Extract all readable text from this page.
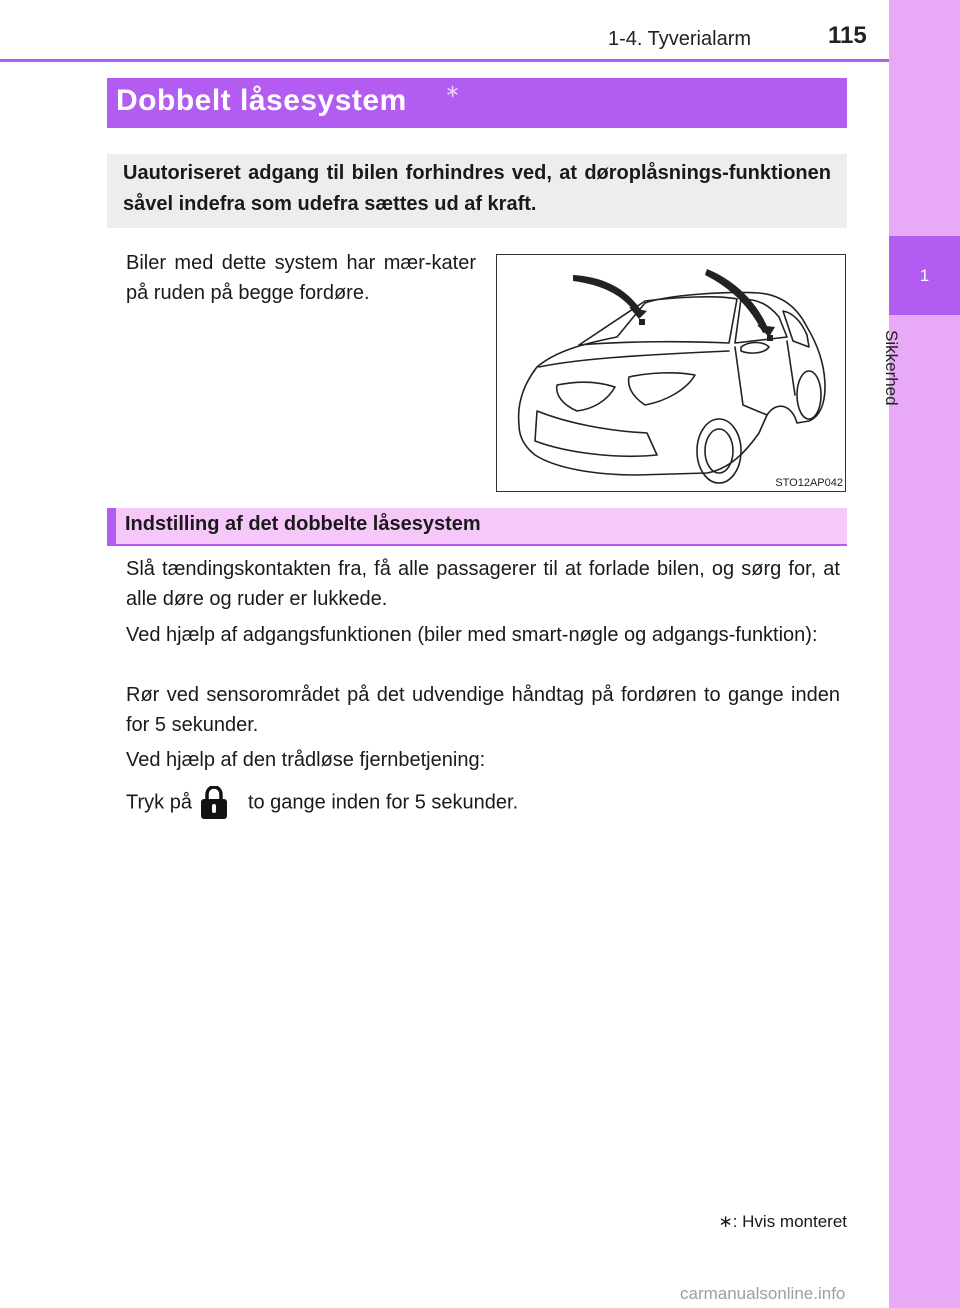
1
Sikkerhed
1-4. Tyverialarm	115
Dobbelt låsesystem ∗
Uautoriseret adgang til bilen forhindres ved, at døroplåsnings-funktionen såvel indefra som udefra sættes ud af kraft.
Biler med dette system har mær-kater på ruden på begge fordøre.
STO12AP042
Indstilling af det dobbelte låsesystem

Slå tændingskontakten fra, få alle passagerer til at forlade bilen, og sørg for, at alle døre og ruder er lukkede.

Ved hjælp af adgangsfunktionen (biler med smart-nøgle og adgangs-funktion):

Rør ved sensorområdet på det udvendige håndtag på fordøren to gange inden for 5 sekunder.

Ved hjælp af den trådløse fjernbetjening:

Tryk på	to gange inden for 5 sekunder.

∗: Hvis monteret
carmanualsonline.info
